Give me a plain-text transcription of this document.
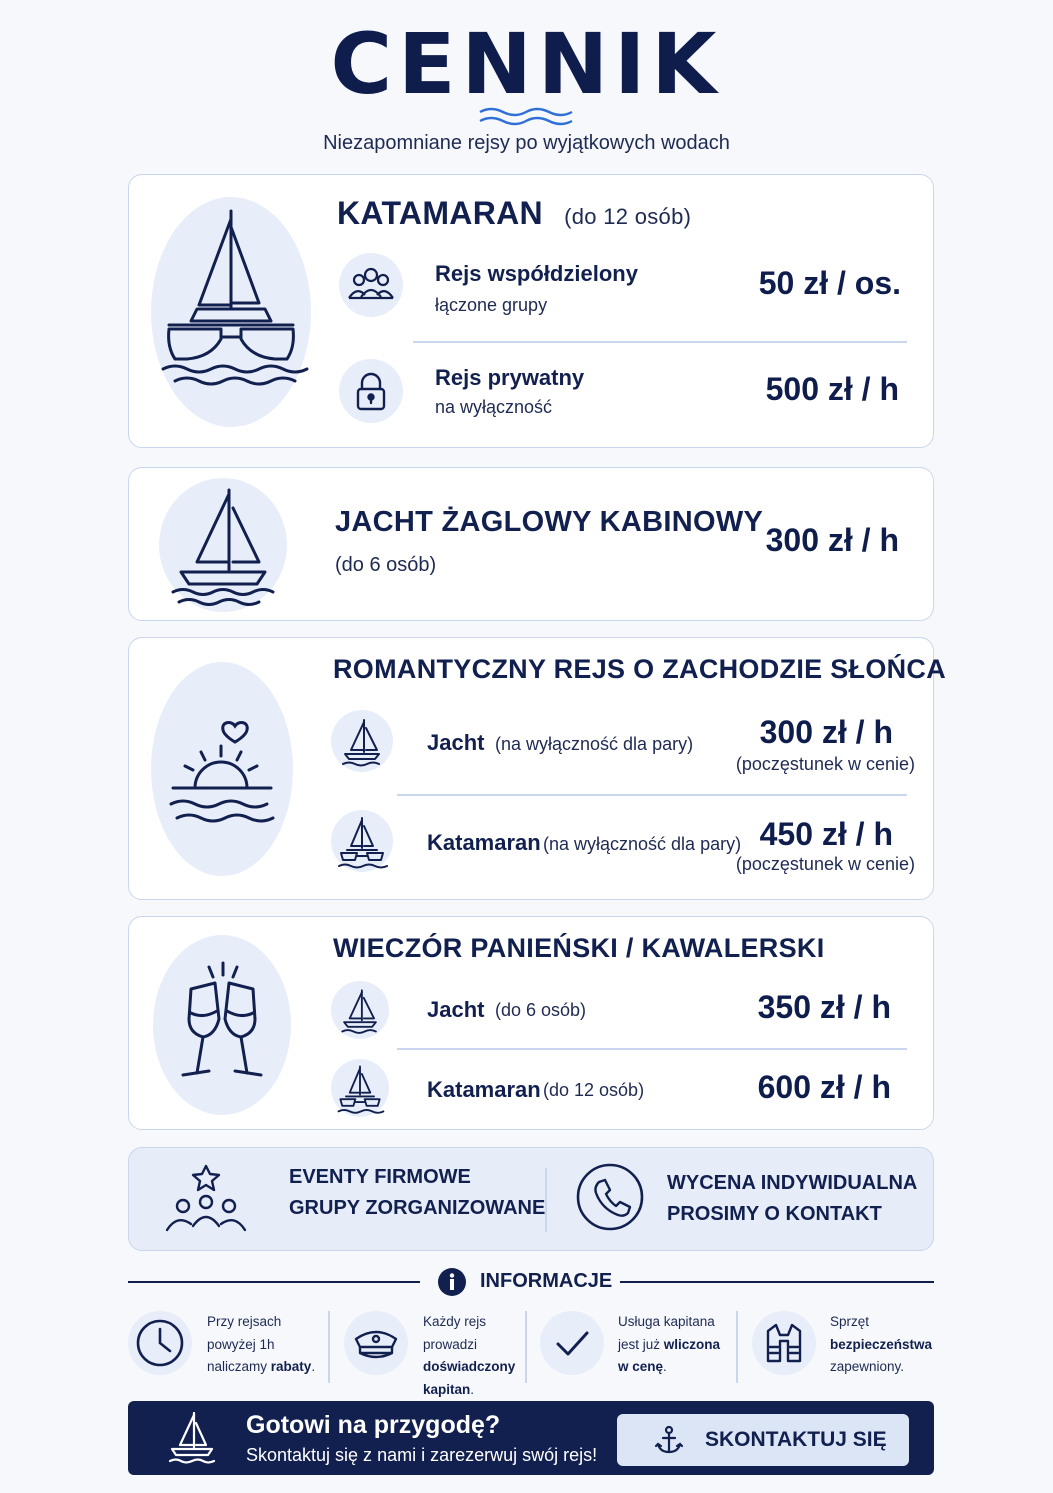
CENNIK
Niezapomniane rejsy po wyjątkowych wodach
KATAMARAN (do 12 osób)
Rejs współdzielony
łączone grupy
50 zł / os.
Rejs prywatny
na wyłączność	500 zł / h
JACHT ŻAGLOWY KABINOWY
(do 6 osób)
300 zł / h
ROMANTYCZNY REJS O ZACHODZIE SŁOŃCA
Jacht (na wyłączność dla pary) 300 zł / h
(poczęstunek w cenie)
Katamaran (na wyłączność dla pary) 450 zł / h
(poczęstunek w cenie)
WIECZÓR PANIEŃSKI / KAWALERSKI
Jacht (do 6 osób)	350 zł / h
Katamaran (do 12 osób)	600 zł / h
EVENTY FIRMOWE
GRUPY ZORGANIZOWANE
WYCENA INDYWIDUALNA
PROSIMY O KONTAKT
INFORMACJE
Przy rejsach powyżej 1h naliczamy rabaty.
Każdy rejs prowadzi doświadczony kapitan.
Usługa kapitana jest już wliczona w cenę.
Sprzęt bezpieczeństwa zapewniony.
Gotowi na przygodę?
Skontaktuj się z nami i zarezerwuj swój rejs!
SKONTAKTUJ SIĘ
